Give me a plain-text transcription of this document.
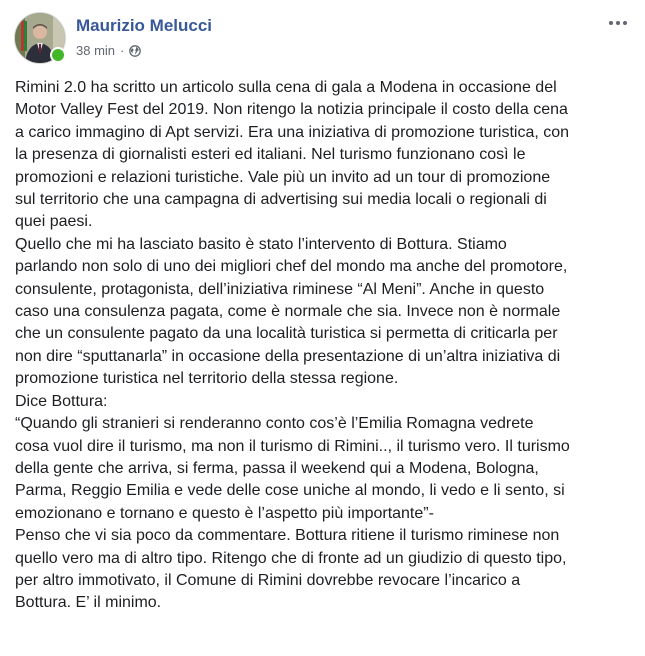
Maurizio Melucci
38 min ·

Rimini 2.0 ha scritto un articolo sulla cena di gala a Modena in occasione del

Motor Valley Fest del 2019. Non ritengo la notizia principale il costo della cena

a carico immagino di Apt servizi. Era una iniziativa di promozione turistica, con

la presenza di giornalisti esteri ed italiani. Nel turismo funzionano così le

promozioni e relazioni turistiche. Vale più un invito ad un tour di promozione

sul territorio che una campagna di advertising sui media locali o regionali di

quei paesi.

Quello che mi ha lasciato basito è stato l’intervento di Bottura. Stiamo

parlando non solo di uno dei migliori chef del mondo ma anche del promotore,

consulente, protagonista, dell’iniziativa riminese “Al Meni”. Anche in questo

caso una consulenza pagata, come è normale che sia. Invece non è normale

che un consulente pagato da una località turistica si permetta di criticarla per

non dire “sputtanarla” in occasione della presentazione di un’altra iniziativa di

promozione turistica nel territorio della stessa regione.

Dice Bottura:

“Quando gli stranieri si renderanno conto cos’è l’Emilia Romagna vedrete

cosa vuol dire il turismo, ma non il turismo di Rimini.., il turismo vero. Il turismo

della gente che arriva, si ferma, passa il weekend qui a Modena, Bologna,

Parma, Reggio Emilia e vede delle cose uniche al mondo, li vedo e li sento, si

emozionano e tornano e questo è l’aspetto più importante”-

Penso che vi sia poco da commentare. Bottura ritiene il turismo riminese non

quello vero ma di altro tipo. Ritengo che di fronte ad un giudizio di questo tipo,

per altro immotivato, il Comune di Rimini dovrebbe revocare l’incarico a

Bottura. E’ il minimo.
